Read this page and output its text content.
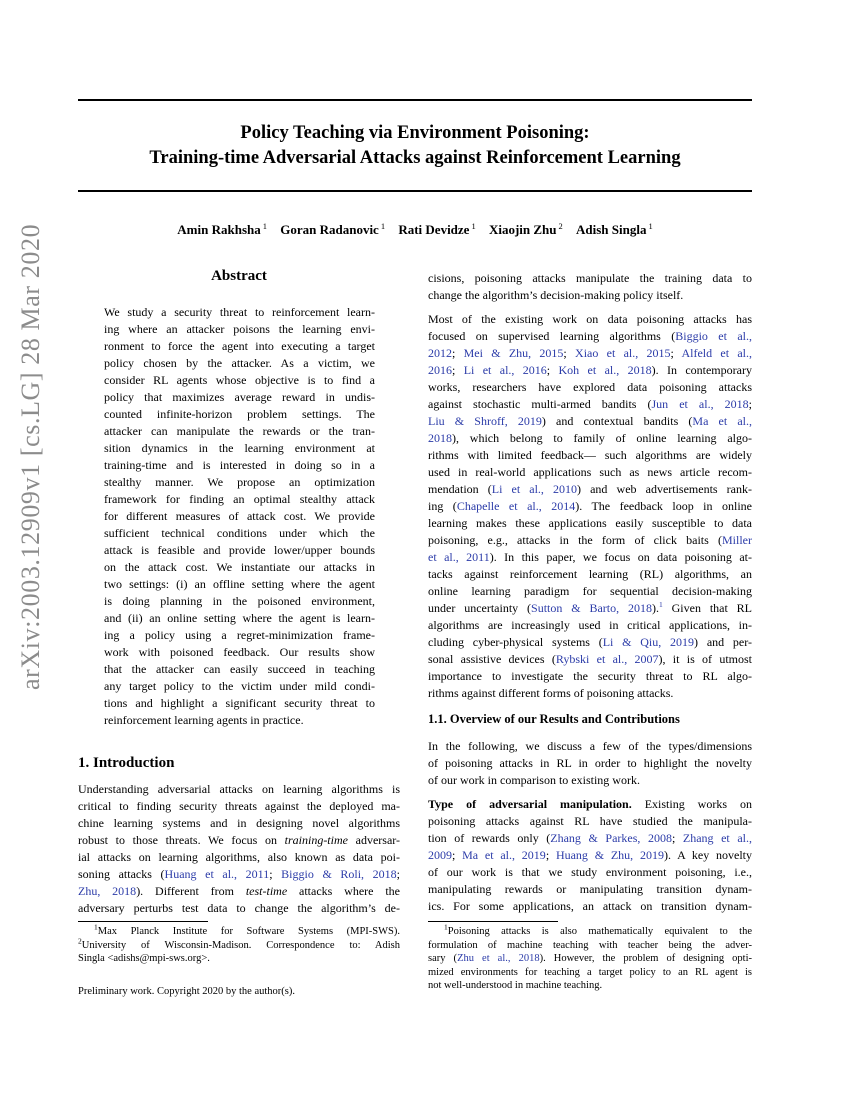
arXiv:2003.12909v1 [cs.LG] 28 Mar 2020
Policy Teaching via Environment Poisoning:
Training-time Adversarial Attacks against Reinforcement Learning
Amin Rakhsha $^1$ Goran Radanovic $^1$ Rati Devidze $^1$ Xiaojin Zhu $^2$ Adish Singla $^1$
Abstract
We study a security threat to reinforcement learn-
ing where an attacker poisons the learning envi-
ronment to force the agent into executing a target
policy chosen by the attacker. As a victim, we
consider RL agents whose objective is to find a
policy that maximizes average reward in undis-
counted infinite-horizon problem settings. The
attacker can manipulate the rewards or the tran-
sition dynamics in the learning environment at
training-time and is interested in doing so in a
stealthy manner. We propose an optimization
framework for finding an optimal stealthy attack
for different measures of attack cost. We provide
sufficient technical conditions under which the
attack is feasible and provide lower/upper bounds
on the attack cost. We instantiate our attacks in
two settings: (i) an offline setting where the agent
is doing planning in the poisoned environment,
and (ii) an online setting where the agent is learn-
ing a policy using a regret-minimization frame-
work with poisoned feedback. Our results show
that the attacker can easily succeed in teaching
any target policy to the victim under mild condi-
tions and highlight a significant security threat to
reinforcement learning agents in practice.
1. Introduction
Understanding adversarial attacks on learning algorithms is
critical to finding security threats against the deployed ma-
chine learning systems and in designing novel algorithms
robust to those threats. We focus on training-time adversar-
ial attacks on learning algorithms, also known as data poi-
soning attacks (Huang et al., 2011; Biggio & Roli, 2018;
Zhu, 2018). Different from test-time attacks where the
adversary perturbs test data to change the algorithm’s de-
$^1$Max Planck Institute for Software Systems (MPI-SWS).
$^2$University of Wisconsin-Madison. Correspondence to: Adish
Singla <adishs@mpi-sws.org>.
Preliminary work. Copyright 2020 by the author(s).
cisions, poisoning attacks manipulate the training data to
change the algorithm’s decision-making policy itself.
Most of the existing work on data poisoning attacks has
focused on supervised learning algorithms (Biggio et al.,
2012; Mei & Zhu, 2015; Xiao et al., 2015; Alfeld et al.,
2016; Li et al., 2016; Koh et al., 2018). In contemporary
works, researchers have explored data poisoning attacks
against stochastic multi-armed bandits (Jun et al., 2018;
Liu & Shroff, 2019) and contextual bandits (Ma et al.,
2018), which belong to family of online learning algo-
rithms with limited feedback— such algorithms are widely
used in real-world applications such as news article recom-
mendation (Li et al., 2010) and web advertisements rank-
ing (Chapelle et al., 2014). The feedback loop in online
learning makes these applications easily susceptible to data
poisoning, e.g., attacks in the form of click baits (Miller
et al., 2011). In this paper, we focus on data poisoning at-
tacks against reinforcement learning (RL) algorithms, an
online learning paradigm for sequential decision-making
under uncertainty (Sutton & Barto, 2018).$^1$ Given that RL
algorithms are increasingly used in critical applications, in-
cluding cyber-physical systems (Li & Qiu, 2019) and per-
sonal assistive devices (Rybski et al., 2007), it is of utmost
importance to investigate the security threat to RL algo-
rithms against different forms of poisoning attacks.
1.1. Overview of our Results and Contributions
In the following, we discuss a few of the types/dimensions
of poisoning attacks in RL in order to highlight the novelty
of our work in comparison to existing work.
Type of adversarial manipulation. Existing works on
poisoning attacks against RL have studied the manipula-
tion of rewards only (Zhang & Parkes, 2008; Zhang et al.,
2009; Ma et al., 2019; Huang & Zhu, 2019). A key novelty
of our work is that we study environment poisoning, i.e.,
manipulating rewards or manipulating transition dynam-
ics. For some applications, an attack on transition dynam-
$^1$Poisoning attacks is also mathematically equivalent to the
formulation of machine teaching with teacher being the adver-
sary (Zhu et al., 2018). However, the problem of designing opti-
mized environments for teaching a target policy to an RL agent is
not well-understood in machine teaching.
